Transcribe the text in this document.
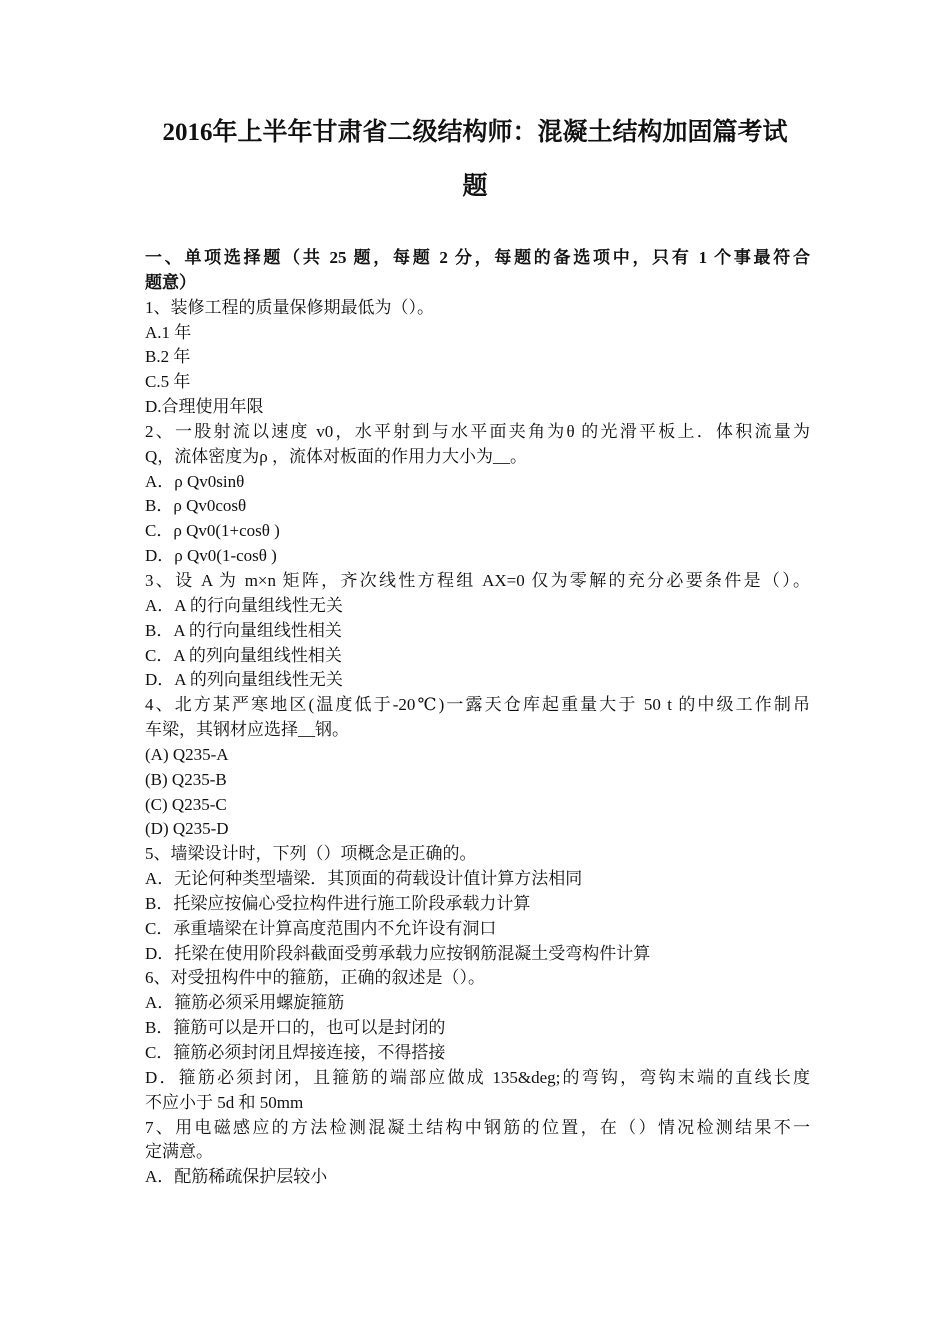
2016年上半年甘肃省二级结构师：混凝土结构加固篇考试
题
一、单项选择题（共 25 题，每题 2 分，每题的备选项中，只有 1 个事最符合
题意）
1、装修工程的质量保修期最低为（）。
A.1 年
B.2 年
C.5 年
D.合理使用年限
2、一股射流以速度 v0，水平射到与水平面夹角为θ 的光滑平板上．体积流量为
Q，流体密度为ρ ，流体对板面的作用力大小为__。
A．ρ Qv0sinθ
B．ρ Qv0cosθ
C．ρ Qv0(1+cosθ )
D．ρ Qv0(1-cosθ )
3、设 A 为 m×n 矩阵，齐次线性方程组 AX=0 仅为零解的充分必要条件是（）。
A．A 的行向量组线性无关
B．A 的行向量组线性相关
C．A 的列向量组线性相关
D．A 的列向量组线性无关
4、北方某严寒地区(温度低于-20℃)一露天仓库起重量大于 50 t 的中级工作制吊
车梁，其钢材应选择__钢。
(A) Q235-A
(B) Q235-B
(C) Q235-C
(D) Q235-D
5、墙梁设计时，下列（）项概念是正确的。
A．无论何种类型墙梁．其顶面的荷载设计值计算方法相同
B．托梁应按偏心受拉构件进行施工阶段承载力计算
C．承重墙梁在计算高度范围内不允许设有洞口
D．托梁在使用阶段斜截面受剪承载力应按钢筋混凝土受弯构件计算
6、对受扭构件中的箍筋，正确的叙述是（）。
A．箍筋必须采用螺旋箍筋
B．箍筋可以是开口的，也可以是封闭的
C．箍筋必须封闭且焊接连接，不得搭接
D．箍筋必须封闭，且箍筋的端部应做成 135&deg;的弯钩，弯钩末端的直线长度
不应小于 5d 和 50mm
7、用电磁感应的方法检测混凝土结构中钢筋的位置，在（）情况检测结果不一
定满意。
A．配筋稀疏保护层较小
